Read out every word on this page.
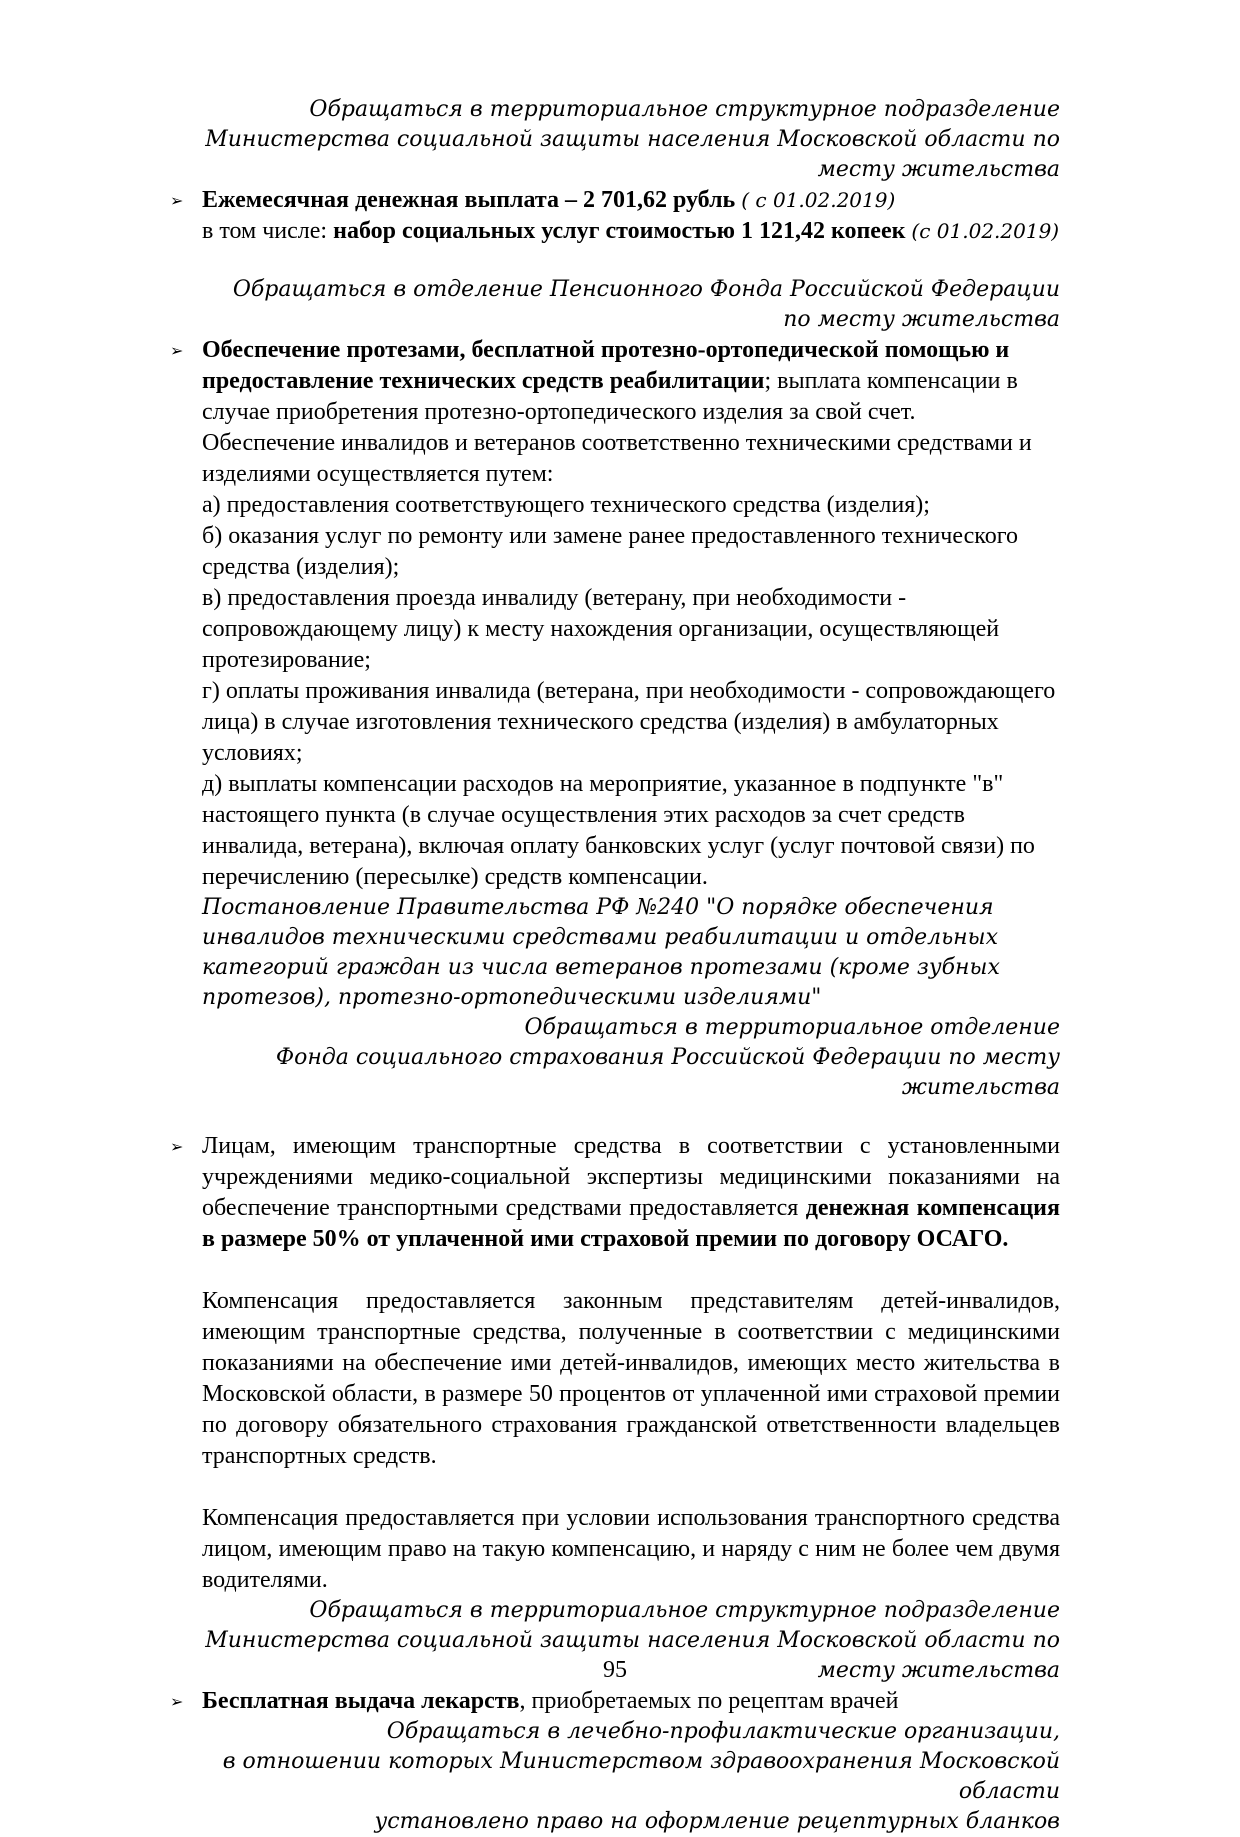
Обращаться в территориальное структурное подразделение
Министерства социальной защиты населения Московской области по месту жительства
➢ Ежемесячная денежная выплата – 2 701,62 рубль ( с 01.02.2019)
в том числе: набор социальных услуг стоимостью 1 121,42 копеек (с 01.02.2019)
Обращаться в отделение Пенсионного Фонда Российской Федерации
по месту жительства
➢ Обеспечение протезами, бесплатной протезно-ортопедической помощью и предоставление технических средств реабилитации; выплата компенсации в случае приобретения протезно-ортопедического изделия за свой счет.
Обеспечение инвалидов и ветеранов соответственно техническими средствами и изделиями осуществляется путем:
а) предоставления соответствующего технического средства (изделия);
б) оказания услуг по ремонту или замене ранее предоставленного технического средства (изделия);
в) предоставления проезда инвалиду (ветерану, при необходимости - сопровождающему лицу) к месту нахождения организации, осуществляющей протезирование;
г) оплаты проживания инвалида (ветерана, при необходимости - сопровождающего лица) в случае изготовления технического средства (изделия) в амбулаторных условиях;
д) выплаты компенсации расходов на мероприятие, указанное в подпункте "в" настоящего пункта (в случае осуществления этих расходов за счет средств инвалида, ветерана), включая оплату банковских услуг (услуг почтовой связи) по перечислению (пересылке) средств компенсации.
Постановление Правительства РФ №240 "О порядке обеспечения инвалидов техническими средствами реабилитации и отдельных категорий граждан из числа ветеранов протезами (кроме зубных протезов), протезно-ортопедическими изделиями"
Обращаться в территориальное отделение
Фонда социального страхования Российской Федерации по месту жительства
➢ Лицам, имеющим транспортные средства в соответствии с установленными учреждениями медико-социальной экспертизы медицинскими показаниями на обеспечение транспортными средствами предоставляется денежная компенсация в размере 50% от уплаченной ими страховой премии по договору ОСАГО.
Компенсация предоставляется законным представителям детей-инвалидов, имеющим транспортные средства, полученные в соответствии с медицинскими показаниями на обеспечение ими детей-инвалидов, имеющих место жительства в Московской области, в размере 50 процентов от уплаченной ими страховой премии по договору обязательного страхования гражданской ответственности владельцев транспортных средств.
Компенсация предоставляется при условии использования транспортного средства лицом, имеющим право на такую компенсацию, и наряду с ним не более чем двумя водителями.
Обращаться в территориальное структурное подразделение
Министерства социальной защиты населения Московской области по месту жительства
➢ Бесплатная выдача лекарств, приобретаемых по рецептам врачей
Обращаться в лечебно-профилактические организации,
в отношении которых Министерством здравоохранения Московской области
установлено право на оформление рецептурных бланков
95
